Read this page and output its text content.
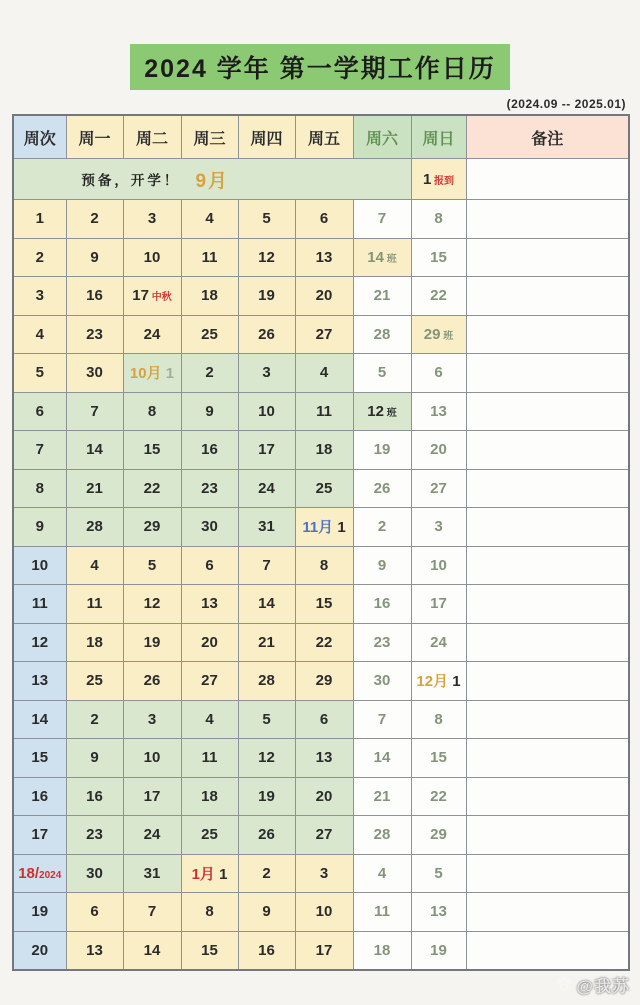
2024 学年 第一学期工作日历
(2024.09 -- 2025.01)
周次	周一	周二	周三	周四	周五	周六	周日	备注

预备，开学！ 9月							1 报到	
1	2	3	4	5	6	7	8	
2	9	10	11	12	13	14 班	15	
3	16	17 中秋	18	19	20	21	22	
4	23	24	25	26	27	28	29 班	
5	30	10月 1	2	3	4	5	6	
6	7	8	9	10	11	12 班	13	
7	14	15	16	17	18	19	20	
8	21	22	23	24	25	26	27	
9	28	29	30	31	11月 1	2	3	
10	4	5	6	7	8	9	10	
11	11	12	13	14	15	16	17	
12	18	19	20	21	22	23	24	
13	25	26	27	28	29	30	12月 1	
14	2	3	4	5	6	7	8	
15	9	10	11	12	13	14	15	
16	16	17	18	19	20	21	22	
17	23	24	25	26	27	28	29	
18/2024	30	31	1月 1	2	3	4	5	
19	6	7	8	9	10	11	13	
20	13	14	15	16	17	18	19	
@我苏
